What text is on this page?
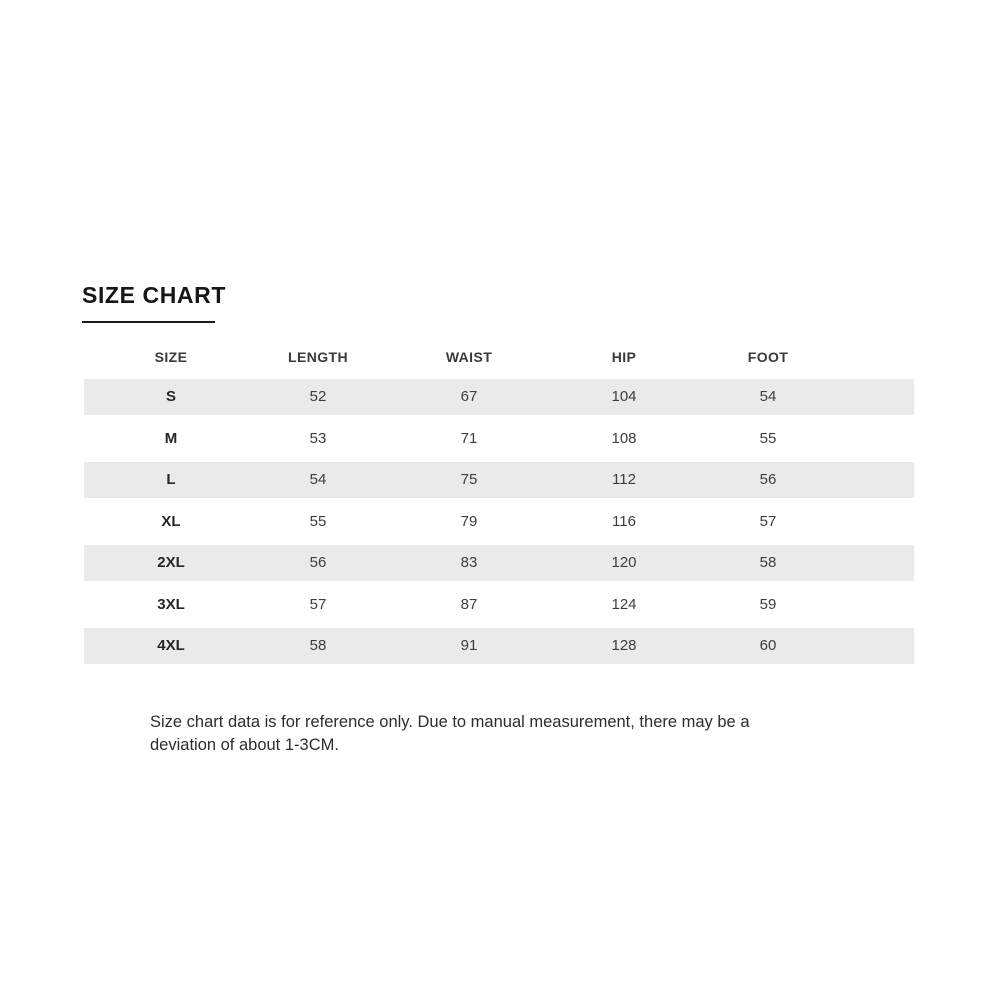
SIZE CHART
SIZE	LENGTH	WAIST	HIP	FOOT
S	52	67	104	54
M	53	71	108	55
L	54	75	112	56
XL	55	79	116	57
2XL	56	83	120	58
3XL	57	87	124	59
4XL	58	91	128	60
Size chart data is for reference only. Due to manual measurement, there may be a deviation of about 1-3CM.
